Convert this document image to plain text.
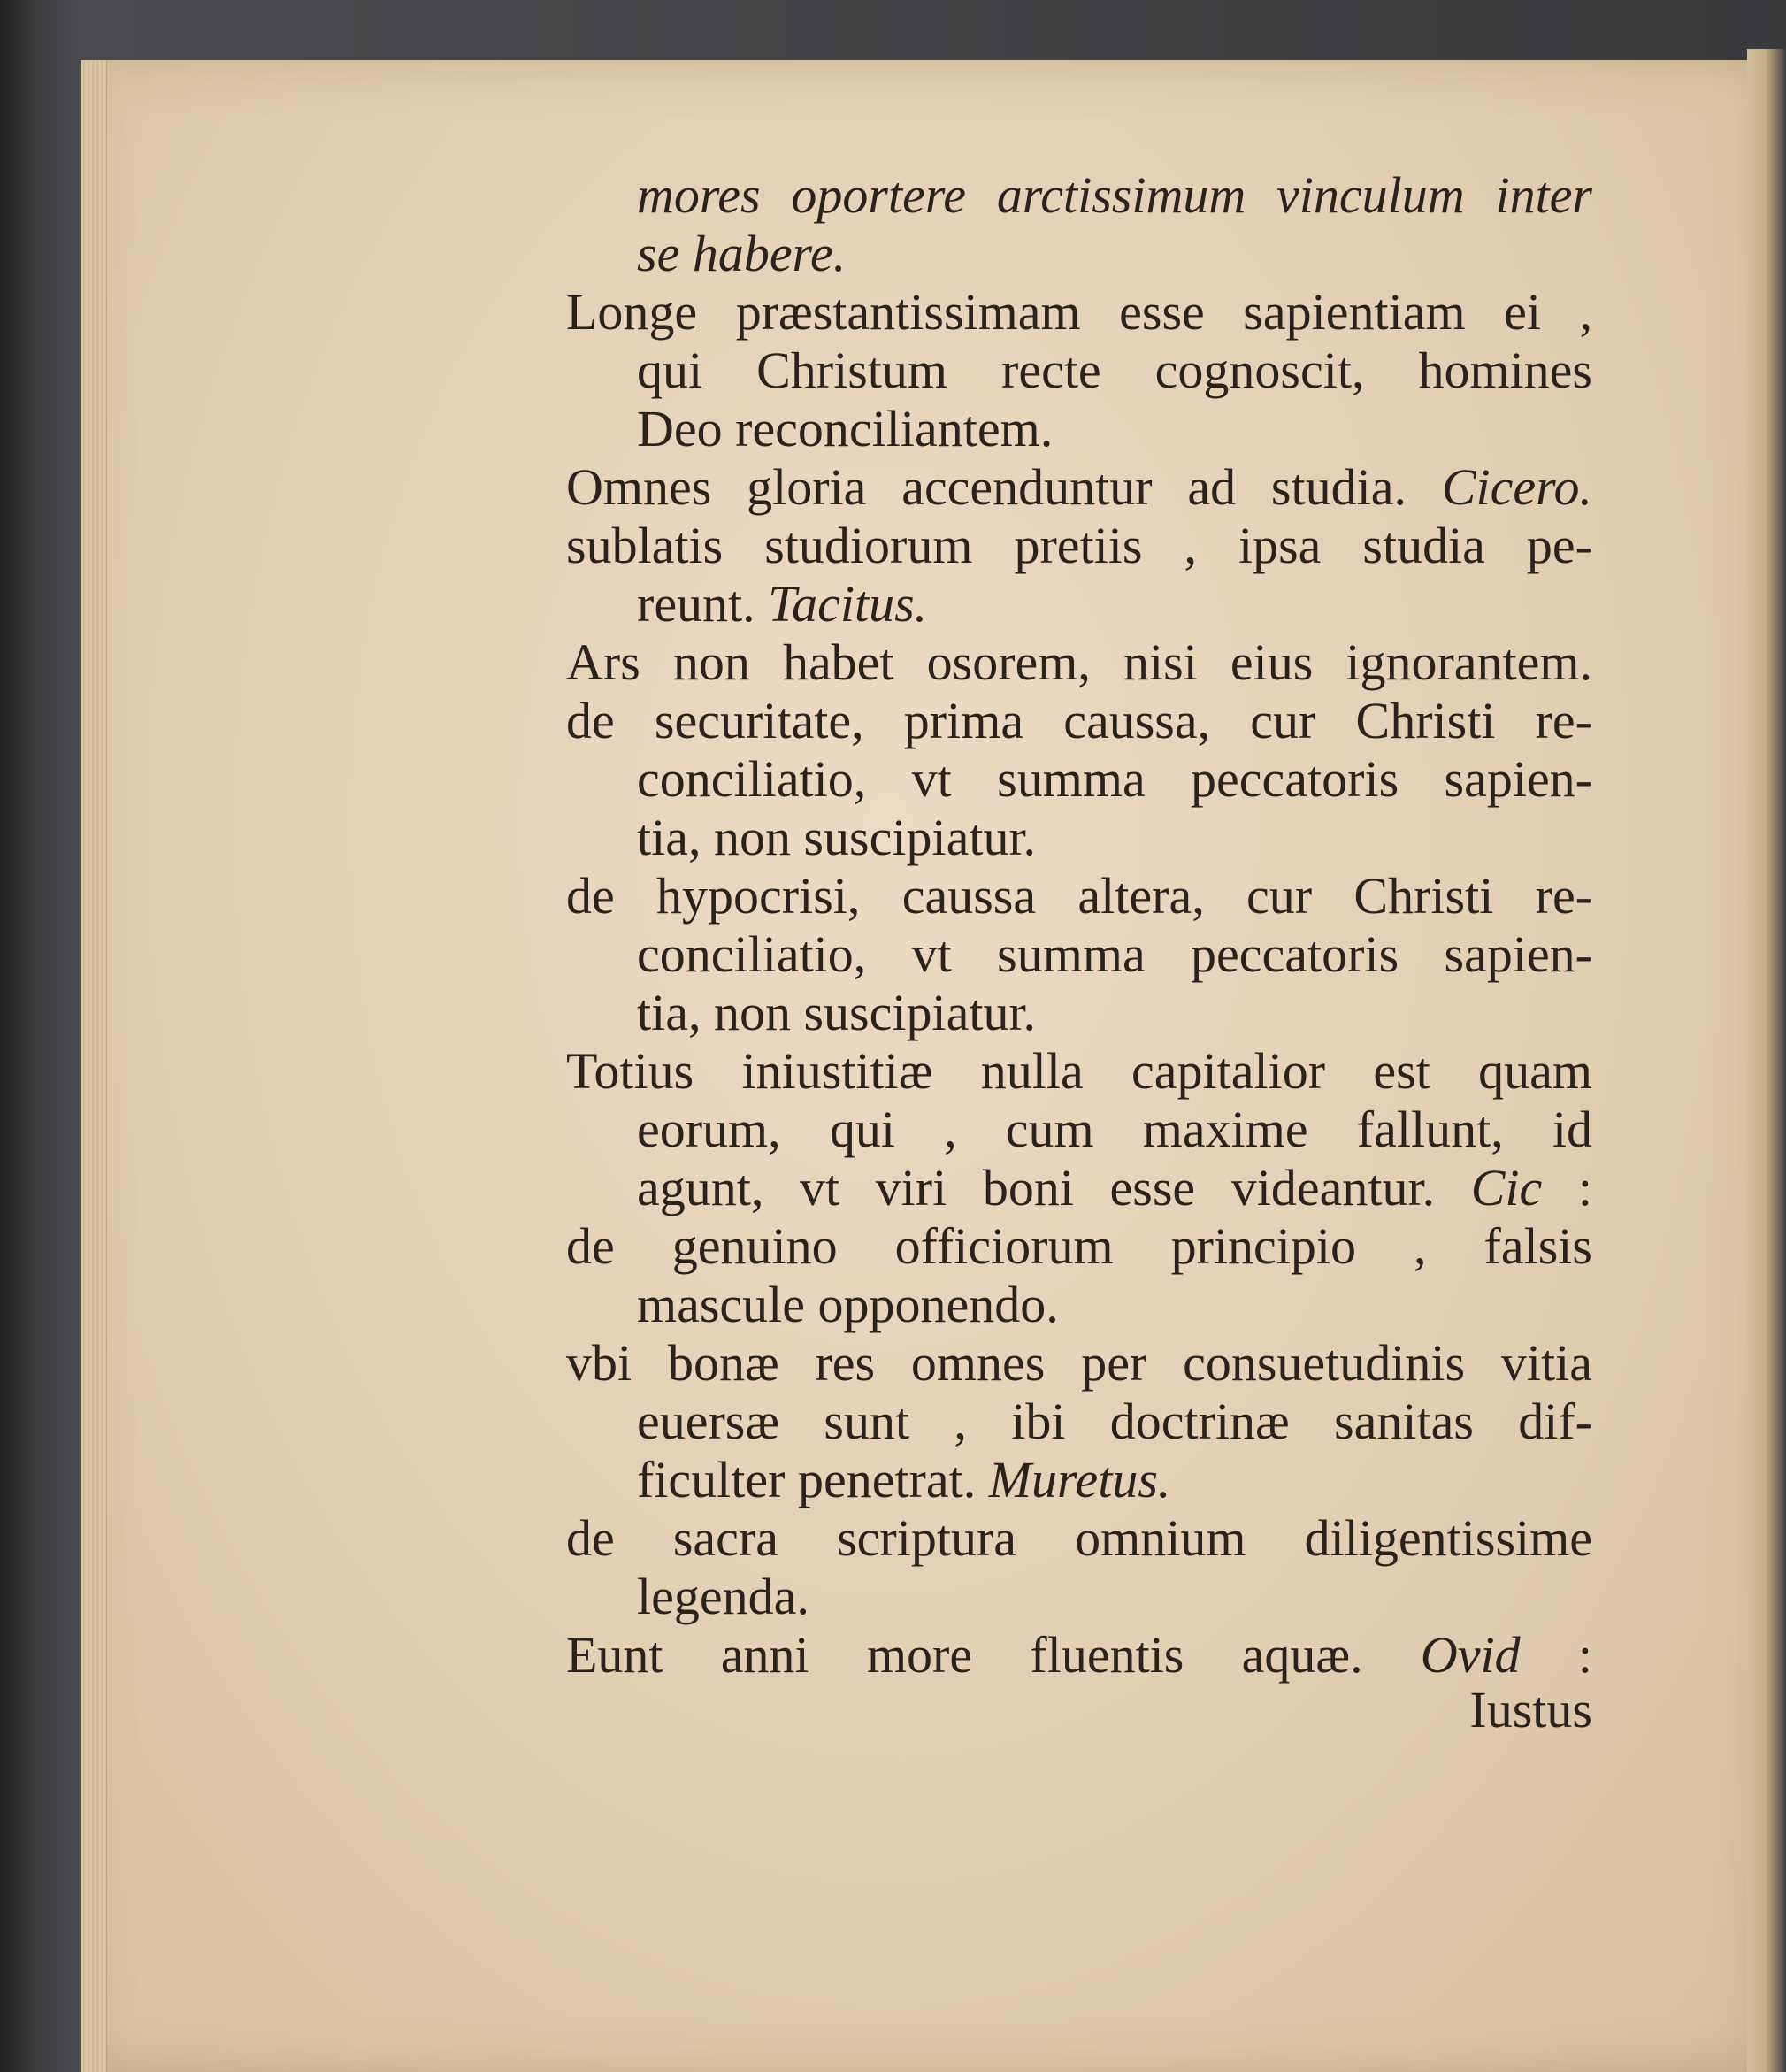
mores oportere arctissimum vinculum inter
se habere.
Longe præstantissimam esse sapientiam ei ,
qui Christum recte cognoscit, homines
Deo reconciliantem.
Omnes gloria accenduntur ad studia. Cicero.
sublatis studiorum pretiis , ipsa studia pe-
reunt. Tacitus.
Ars non habet osorem, nisi eius ignorantem.
de securitate, prima caussa, cur Christi re-
conciliatio, vt summa peccatoris sapien-
tia, non suscipiatur.
de hypocrisi, caussa altera, cur Christi re-
conciliatio, vt summa peccatoris sapien-
tia, non suscipiatur.
Totius iniustitiæ nulla capitalior est quam
eorum, qui , cum maxime fallunt, id
agunt, vt viri boni esse videantur. Cic :
de genuino officiorum principio , falsis
mascule opponendo.
vbi bonæ res omnes per consuetudinis vitia
euersæ sunt , ibi doctrinæ sanitas dif-
ficulter penetrat. Muretus.
de sacra scriptura omnium diligentissime
legenda.
Eunt anni more fluentis aquæ. Ovid :
Iustus
